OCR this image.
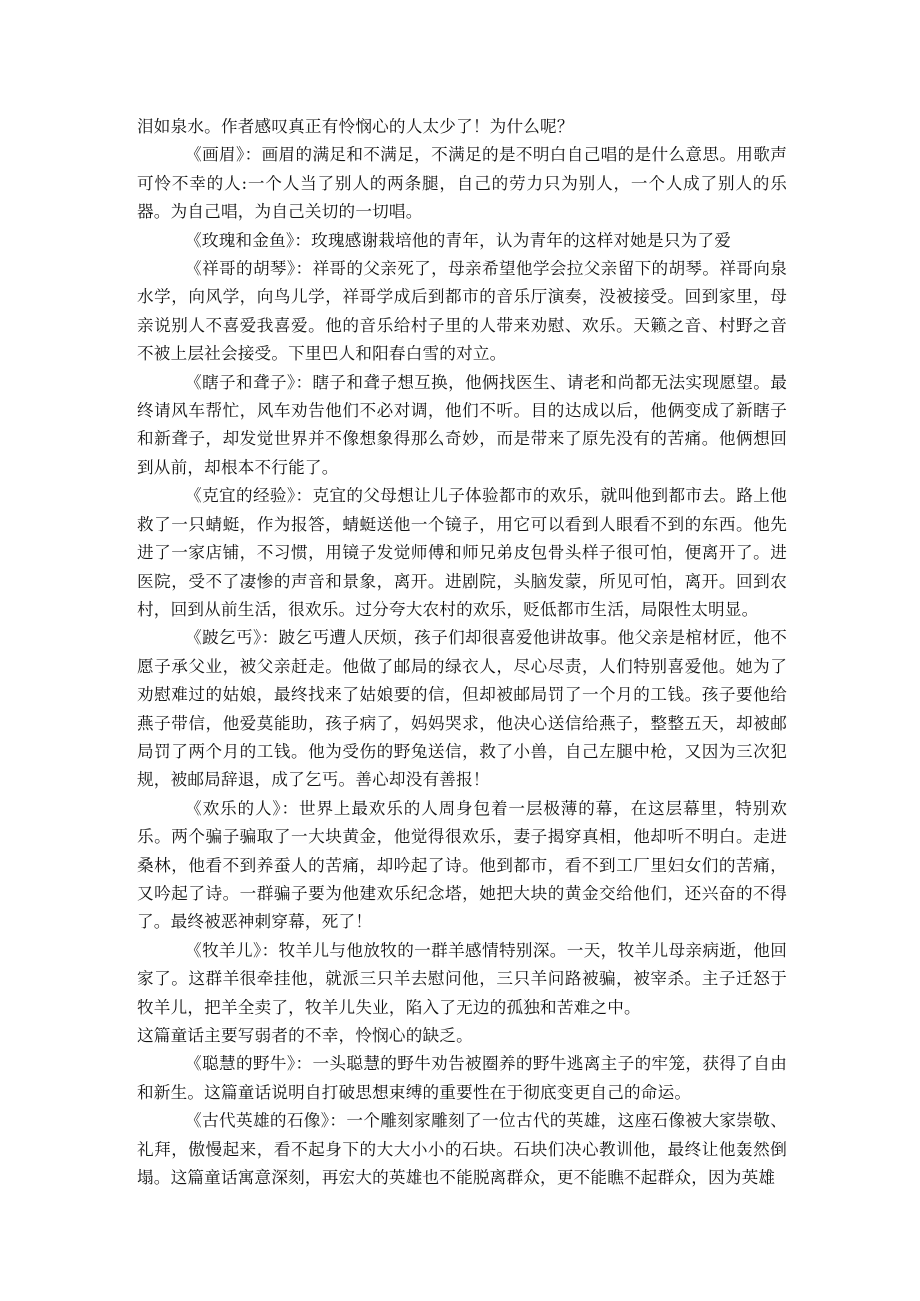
泪如泉水。作者感叹真正有怜悯心的人太少了！为什么呢？

《画眉》：画眉的满足和不满足，不满足的是不明白自己唱的是什么意思。用歌声可怜不幸的人:一个人当了别人的两条腿，自己的劳力只为别人，一个人成了别人的乐器。为自己唱，为自己关切的一切唱。

《玫瑰和金鱼》：玫瑰感谢栽培他的青年，认为青年的这样对她是只为了爱

《祥哥的胡琴》：祥哥的父亲死了，母亲希望他学会拉父亲留下的胡琴。祥哥向泉水学，向风学，向鸟儿学，祥哥学成后到都市的音乐厅演奏，没被接受。回到家里，母亲说别人不喜爱我喜爱。他的音乐给村子里的人带来劝慰、欢乐。天籁之音、村野之音不被上层社会接受。下里巴人和阳春白雪的对立。

《瞎子和聋子》：瞎子和聋子想互换，他俩找医生、请老和尚都无法实现愿望。最终请风车帮忙，风车劝告他们不必对调，他们不听。目的达成以后，他俩变成了新瞎子和新聋子，却发觉世界并不像想象得那么奇妙，而是带来了原先没有的苦痛。他俩想回到从前，却根本不行能了。

《克宜的经验》：克宜的父母想让儿子体验都市的欢乐，就叫他到都市去。路上他救了一只蜻蜓，作为报答，蜻蜓送他一个镜子，用它可以看到人眼看不到的东西。他先进了一家店铺，不习惯，用镜子发觉师傅和师兄弟皮包骨头样子很可怕，便离开了。进医院，受不了凄惨的声音和景象，离开。进剧院，头脑发蒙，所见可怕，离开。回到农村，回到从前生活，很欢乐。过分夸大农村的欢乐，贬低都市生活，局限性太明显。

《跛乞丐》：跛乞丐遭人厌烦，孩子们却很喜爱他讲故事。他父亲是棺材匠，他不愿子承父业，被父亲赶走。他做了邮局的绿衣人，尽心尽责，人们特别喜爱他。她为了劝慰难过的姑娘，最终找来了姑娘要的信，但却被邮局罚了一个月的工钱。孩子要他给燕子带信，他爱莫能助，孩子病了，妈妈哭求，他决心送信给燕子，整整五天，却被邮局罚了两个月的工钱。他为受伤的野兔送信，救了小兽，自己左腿中枪，又因为三次犯规，被邮局辞退，成了乞丐。善心却没有善报！

《欢乐的人》：世界上最欢乐的人周身包着一层极薄的幕，在这层幕里，特别欢乐。两个骗子骗取了一大块黄金，他觉得很欢乐，妻子揭穿真相，他却听不明白。走进桑林，他看不到养蚕人的苦痛，却吟起了诗。他到都市，看不到工厂里妇女们的苦痛，又吟起了诗。一群骗子要为他建欢乐纪念塔，她把大块的黄金交给他们，还兴奋的不得了。最终被恶神刺穿幕，死了！

《牧羊儿》：牧羊儿与他放牧的一群羊感情特别深。一天，牧羊儿母亲病逝，他回家了。这群羊很牵挂他，就派三只羊去慰问他，三只羊问路被骗，被宰杀。主子迁怒于牧羊儿，把羊全卖了，牧羊儿失业，陷入了无边的孤独和苦难之中。

这篇童话主要写弱者的不幸，怜悯心的缺乏。

《聪慧的野牛》：一头聪慧的野牛劝告被圈养的野牛逃离主子的牢笼，获得了自由和新生。这篇童话说明自打破思想束缚的重要性在于彻底变更自己的命运。

《古代英雄的石像》：一个雕刻家雕刻了一位古代的英雄，这座石像被大家崇敬、礼拜，傲慢起来，看不起身下的大大小小的石块。石块们决心教训他，最终让他轰然倒塌。这篇童话寓意深刻，再宏大的英雄也不能脱离群众，更不能瞧不起群众，因为英雄
